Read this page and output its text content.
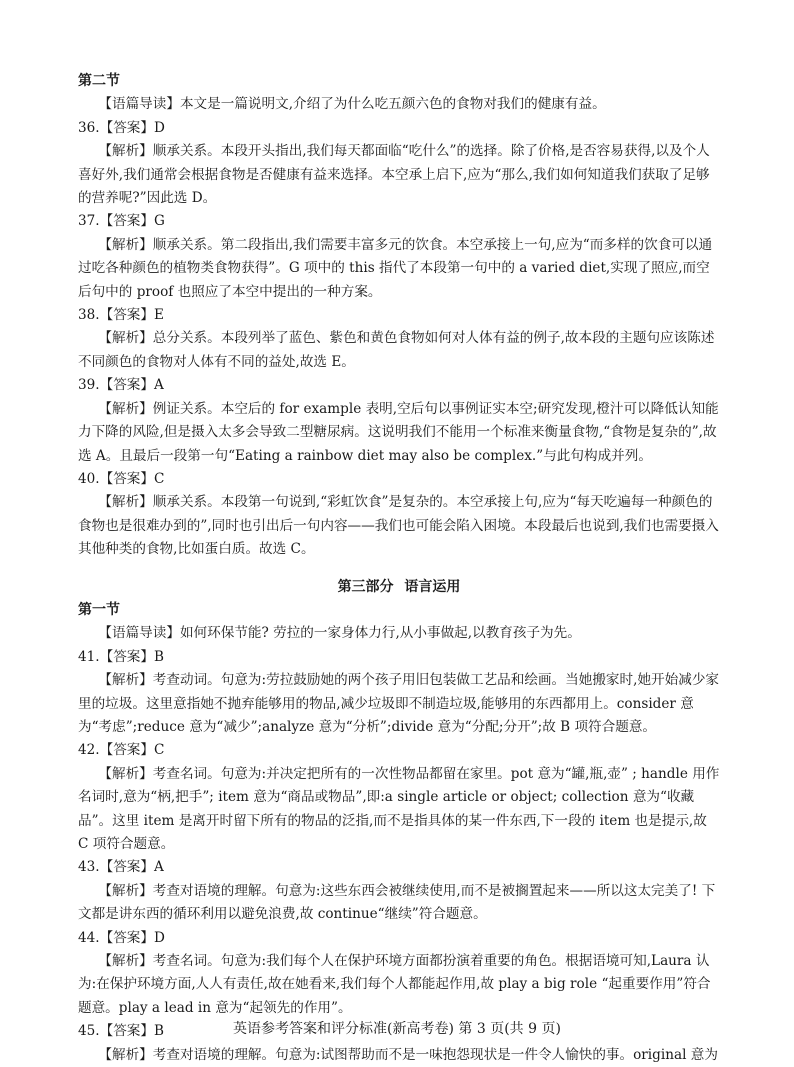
第二节

【语篇导读】本文是一篇说明文,介绍了为什么吃五颜六色的食物对我们的健康有益。

36.【答案】D

【解析】顺承关系。本段开头指出,我们每天都面临“吃什么”的选择。除了价格,是否容易获得,以及个人喜好外,我们通常会根据食物是否健康有益来选择。本空承上启下,应为“那么,我们如何知道我们获取了足够的营养呢?”因此选 D。

37.【答案】G

【解析】顺承关系。第二段指出,我们需要丰富多元的饮食。本空承接上一句,应为“而多样的饮食可以通过吃各种颜色的植物类食物获得”。G 项中的 this 指代了本段第一句中的 a varied diet,实现了照应,而空后句中的 proof 也照应了本空中提出的一种方案。

38.【答案】E

【解析】总分关系。本段列举了蓝色、紫色和黄色食物如何对人体有益的例子,故本段的主题句应该陈述不同颜色的食物对人体有不同的益处,故选 E。

39.【答案】A

【解析】例证关系。本空后的 for example 表明,空后句以事例证实本空;研究发现,橙汁可以降低认知能力下降的风险,但是摄入太多会导致二型糖尿病。这说明我们不能用一个标准来衡量食物,“食物是复杂的”,故选 A。且最后一段第一句“Eating a rainbow diet may also be complex.”与此句构成并列。

40.【答案】C

【解析】顺承关系。本段第一句说到,“彩虹饮食”是复杂的。本空承接上句,应为“每天吃遍每一种颜色的食物也是很难办到的”,同时也引出后一句内容——我们也可能会陷入困境。本段最后也说到,我们也需要摄入其他种类的食物,比如蛋白质。故选 C。

第三部分 语言运用
第一节

【语篇导读】如何环保节能? 劳拉的一家身体力行,从小事做起,以教育孩子为先。

41.【答案】B

【解析】考查动词。句意为:劳拉鼓励她的两个孩子用旧包装做工艺品和绘画。当她搬家时,她开始减少家里的垃圾。这里意指她不抛弃能够用的物品,减少垃圾即不制造垃圾,能够用的东西都用上。consider 意为“考虑”;reduce 意为“减少”;analyze 意为“分析”;divide 意为“分配;分开”;故 B 项符合题意。

42.【答案】C

【解析】考查名词。句意为:并决定把所有的一次性物品都留在家里。pot 意为“罐,瓶,壶” ; handle 用作名词时,意为“柄,把手”; item 意为“商品或物品”,即:a single article or object; collection 意为“收藏品”。这里 item 是离开时留下所有的物品的泛指,而不是指具体的某一件东西,下一段的 item 也是提示,故 C 项符合题意。

43.【答案】A

【解析】考查对语境的理解。句意为:这些东西会被继续使用,而不是被搁置起来——所以这太完美了! 下文都是讲东西的循环利用以避免浪费,故 continue“继续”符合题意。

44.【答案】D

【解析】考查名词。句意为:我们每个人在保护环境方面都扮演着重要的角色。根据语境可知,Laura 认为:在保护环境方面,人人有责任,故在她看来,我们每个人都能起作用,故 play a big role “起重要作用”符合题意。play a lead in 意为“起领先的作用”。

45.【答案】B

【解析】考查对语境的理解。句意为:试图帮助而不是一味抱怨现状是一件令人愉快的事。original 意为

英语参考答案和评分标准(新高考卷) 第 3 页(共 9 页)
